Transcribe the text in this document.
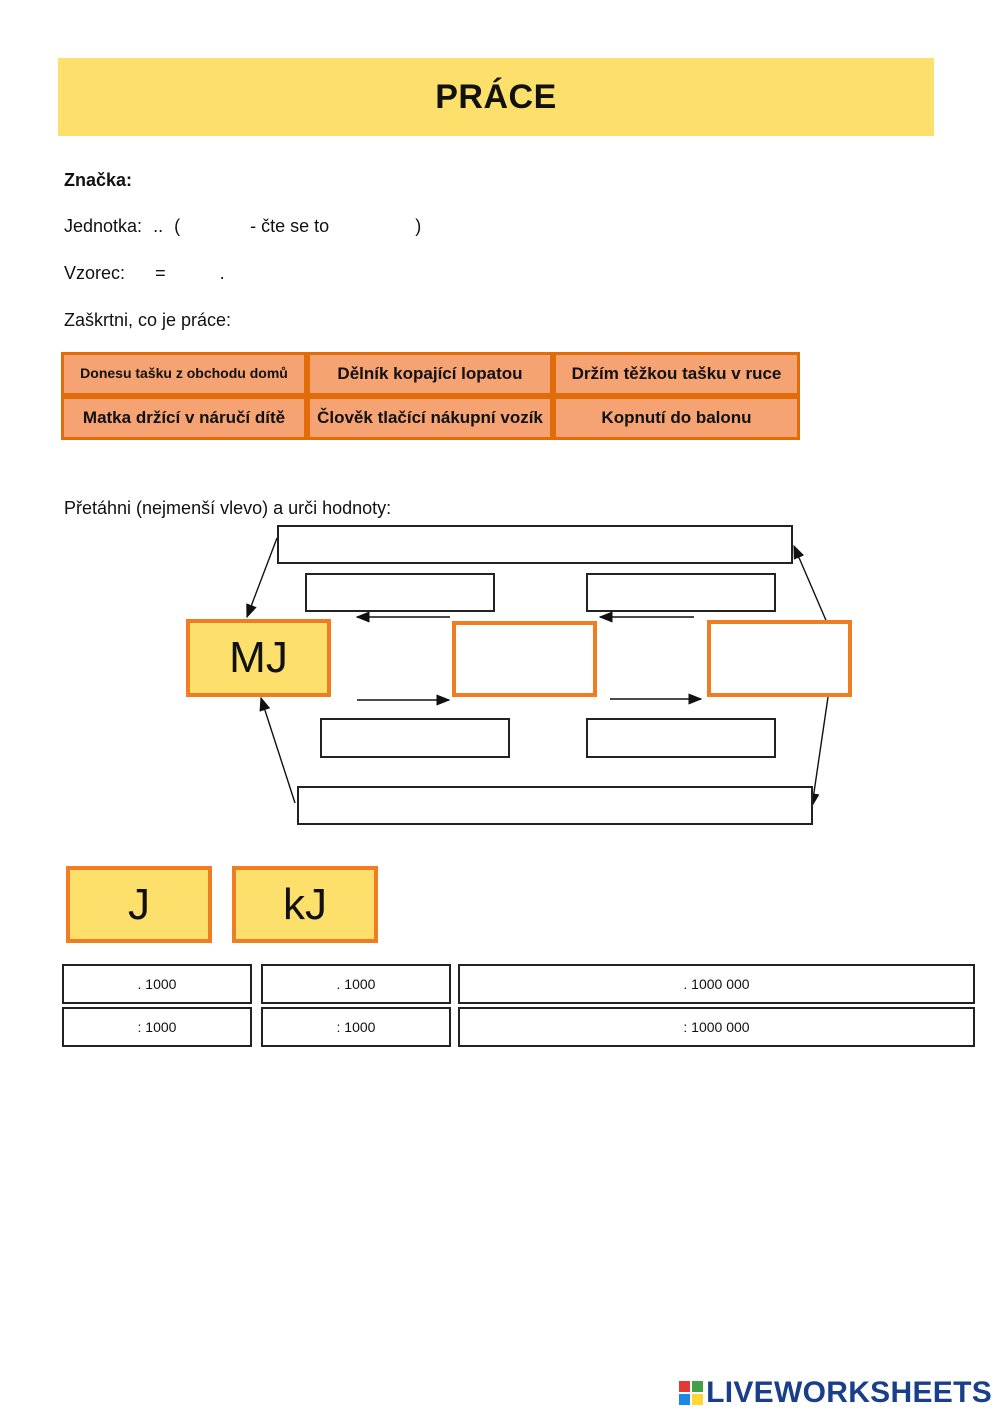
PRÁCE
Značka:
Jednotka: .. (	- čte se to	)
Vzorec: =	.
Zaškrtni, co je práce:
Donesu tašku z obchodu domů	Dělník kopající lopatou	Držím těžkou tašku v ruce
Matka držící v náručí dítě	Člověk tlačící nákupní vozík	Kopnutí do balonu
Přetáhni (nejmenší vlevo) a urči hodnoty:
MJ
J	kJ
. 1000	. 1000	. 1000 000
: 1000	: 1000	: 1000 000
LIVEWORKSHEETS
